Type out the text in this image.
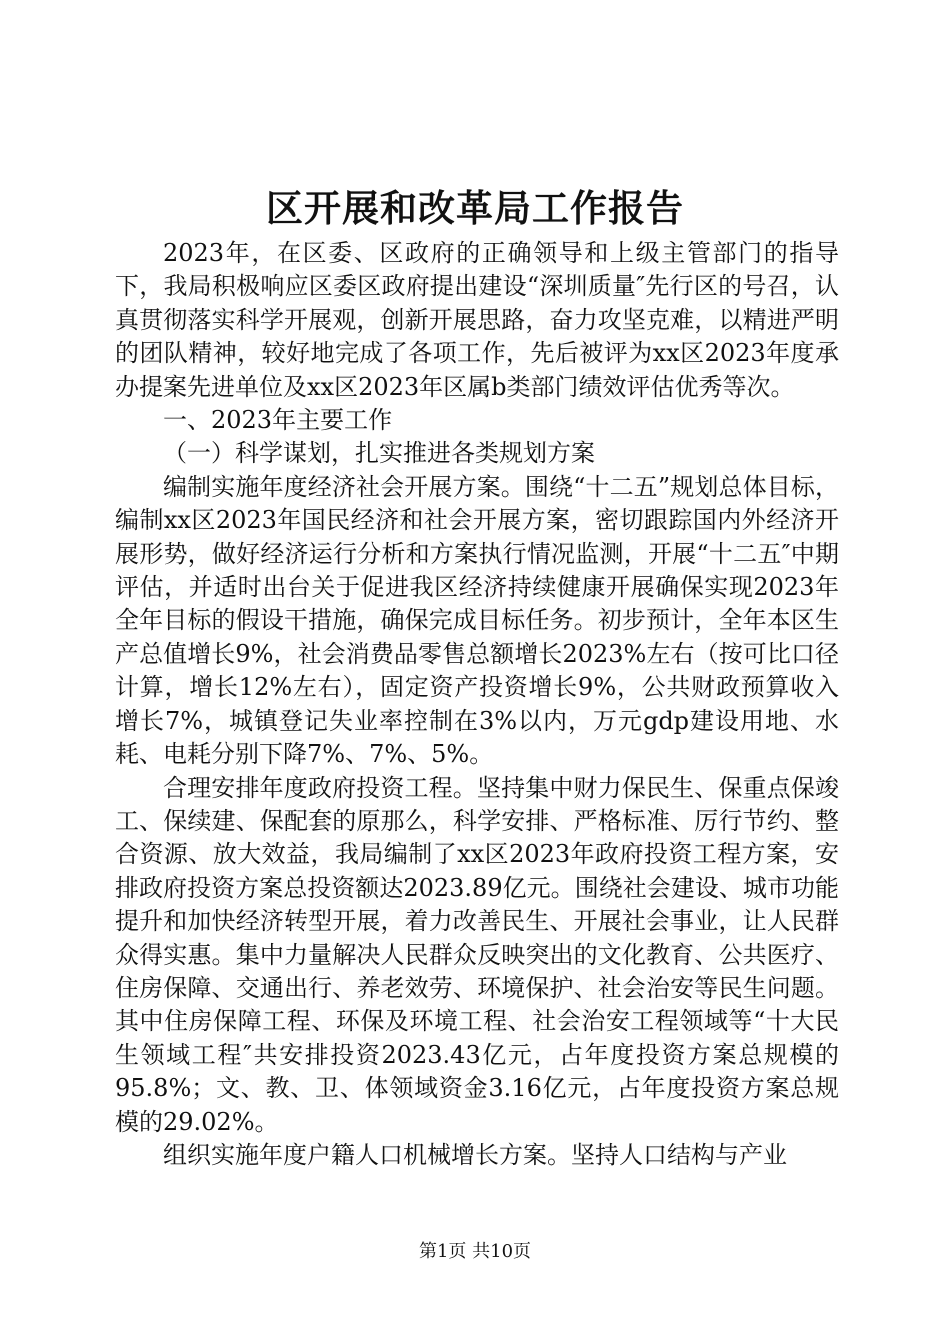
区开展和改革局工作报告

2023年，在区委、区政府的正确领导和上级主管部门的指导下，我局积极响应区委区政府提出建设“深圳质量″先行区的号召，认真贯彻落实科学开展观，创新开展思路，奋力攻坚克难，以精进严明的团队精神，较好地完成了各项工作，先后被评为xx区2023年度承办提案先进单位及xx区2023年区属b类部门绩效评估优秀等次。

一、2023年主要工作

（一）科学谋划，扎实推进各类规划方案

编制实施年度经济社会开展方案。围绕“十二五”规划总体目标，编制xx区2023年国民经济和社会开展方案，密切跟踪国内外经济开展形势，做好经济运行分析和方案执行情况监测，开展“十二五″中期评估，并适时出台关于促进我区经济持续健康开展确保实现2023年全年目标的假设干措施，确保完成目标任务。初步预计，全年本区生产总值增长9%，社会消费品零售总额增长2023%左右（按可比口径计算，增长12%左右），固定资产投资增长9%，公共财政预算收入增长7%，城镇登记失业率控制在3%以内，万元gdp建设用地、水耗、电耗分别下降7%、7%、5%。

合理安排年度政府投资工程。坚持集中财力保民生、保重点保竣工、保续建、保配套的原那么，科学安排、严格标准、厉行节约、整合资源、放大效益，我局编制了xx区2023年政府投资工程方案，安排政府投资方案总投资额达2023.89亿元。围绕社会建设、城市功能提升和加快经济转型开展，着力改善民生、开展社会事业，让人民群众得实惠。集中力量解决人民群众反映突出的文化教育、公共医疗、住房保障、交通出行、养老效劳、环境保护、社会治安等民生问题。其中住房保障工程、环保及环境工程、社会治安工程领域等“十大民生领域工程″共安排投资2023.43亿元，占年度投资方案总规模的95.8%；文、教、卫、体领域资金3.16亿元，占年度投资方案总规模的29.02%。

组织实施年度户籍人口机械增长方案。坚持人口结构与产业

第1页 共10页
